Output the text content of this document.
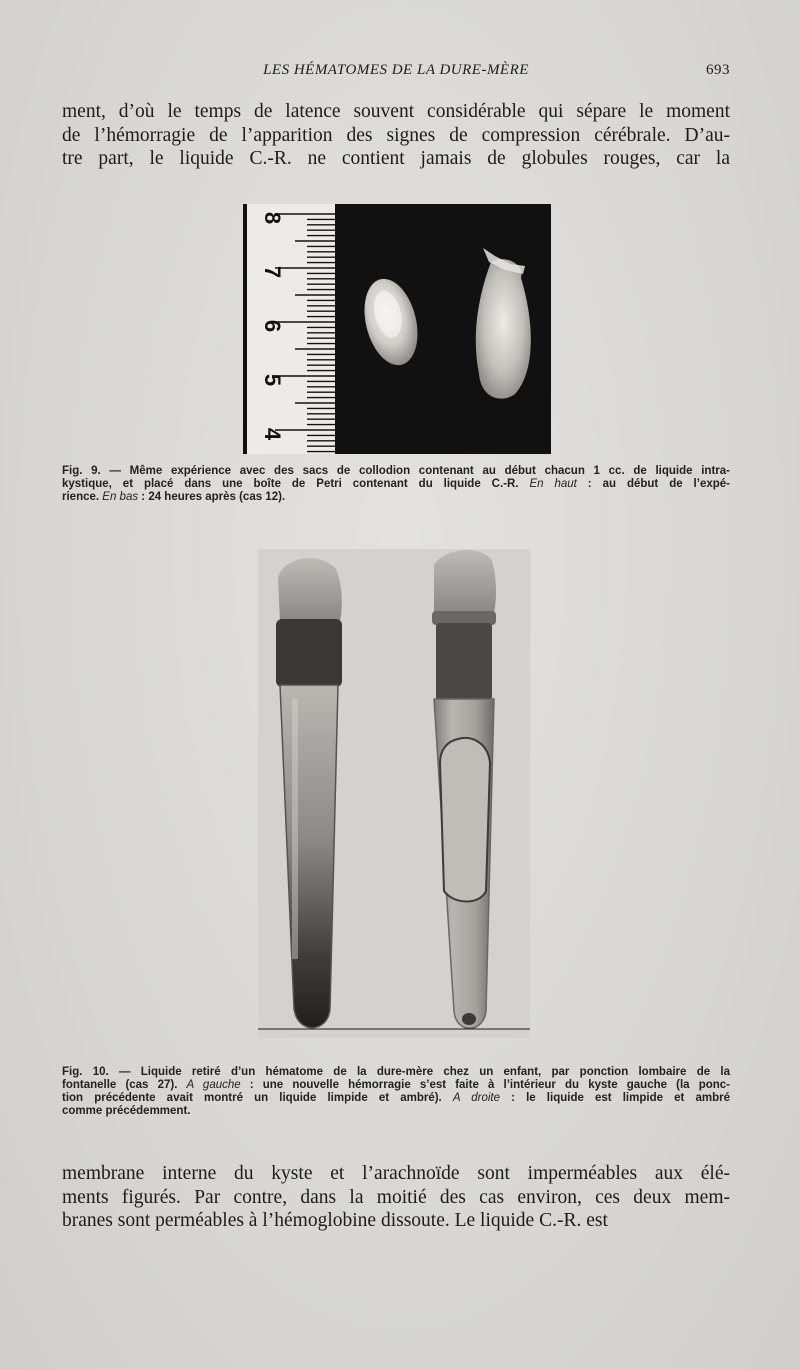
LES HÉMATOMES DE LA DURE-MÈRE	693
ment, d’où le temps de latence souvent considérable qui sépare le moment
de l’hémorragie de l’apparition des signes de compression cérébrale. D’au-
tre part, le liquide C.-R. ne contient jamais de globules rouges, car la
8
7
6
5
4
Fig. 9. — Même expérience avec des sacs de collodion contenant au début chacun 1 cc. de liquide intra-
kystique, et placé dans une boîte de Petri contenant du liquide C.-R. En haut : au début de l’expé-
rience. En bas : 24 heures après (cas 12).
Fig. 10. — Liquide retiré d’un hématome de la dure-mère chez un enfant, par ponction lombaire de la
fontanelle (cas 27). A gauche : une nouvelle hémorragie s’est faite à l’intérieur du kyste gauche (la ponc-
tion précédente avait montré un liquide limpide et ambré). A droite : le liquide est limpide et ambré
comme précédemment.
membrane interne du kyste et l’arachnoïde sont imperméables aux élé-
ments figurés. Par contre, dans la moitié des cas environ, ces deux mem-
branes sont perméables à l’hémoglobine dissoute. Le liquide C.-R. est
